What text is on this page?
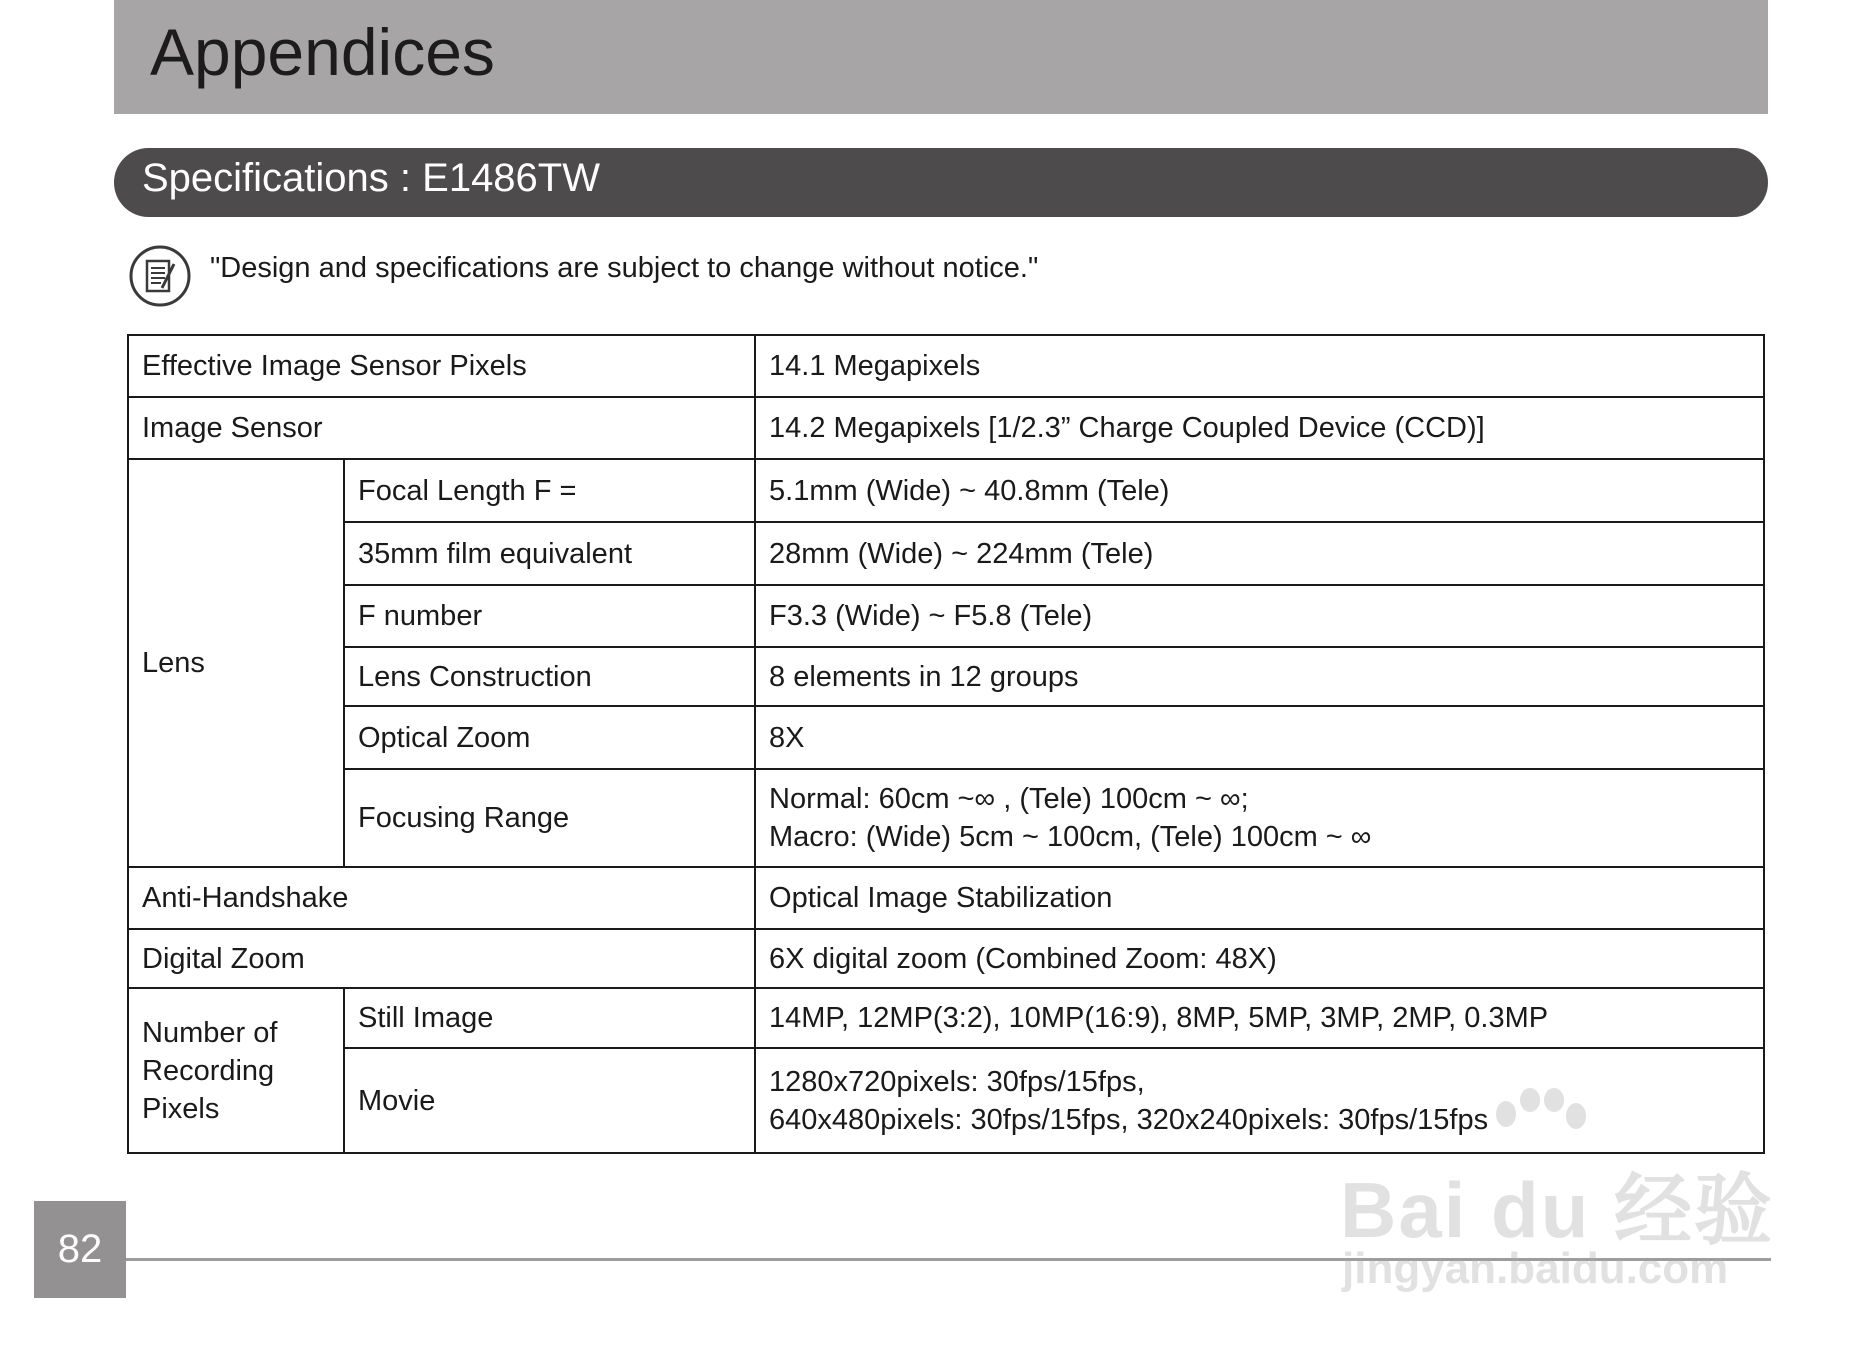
Appendices
Specifications : E1486TW
"Design and specifications are subject to change without notice."
Effective Image Sensor Pixels		14.1 Megapixels
Image Sensor		14.2 Megapixels [1/2.3” Charge Coupled Device (CCD)]
Lens	Focal Length F =	5.1mm (Wide) ~ 40.8mm (Tele)
	35mm film equivalent	28mm (Wide) ~ 224mm (Tele)
	F number	F3.3 (Wide) ~ F5.8 (Tele)
	Lens Construction	8 elements in 12 groups
	Optical Zoom	8X
	Focusing Range	Normal: 60cm ~∞ , (Tele) 100cm ~ ∞;
Macro: (Wide) 5cm ~ 100cm, (Tele) 100cm ~ ∞

Anti-Handshake		Optical Image Stabilization
Digital Zoom		6X digital zoom (Combined Zoom: 48X)

Number of
Recording
Pixels	Still Image	14MP, 12MP(3:2), 10MP(16:9), 8MP, 5MP, 3MP, 2MP, 0.3MP
	Movie	1280x720pixels: 30fps/15fps,
640x480pixels: 30fps/15fps, 320x240pixels: 30fps/15fps
82	Bai du 经验
jingyan.baidu.com
